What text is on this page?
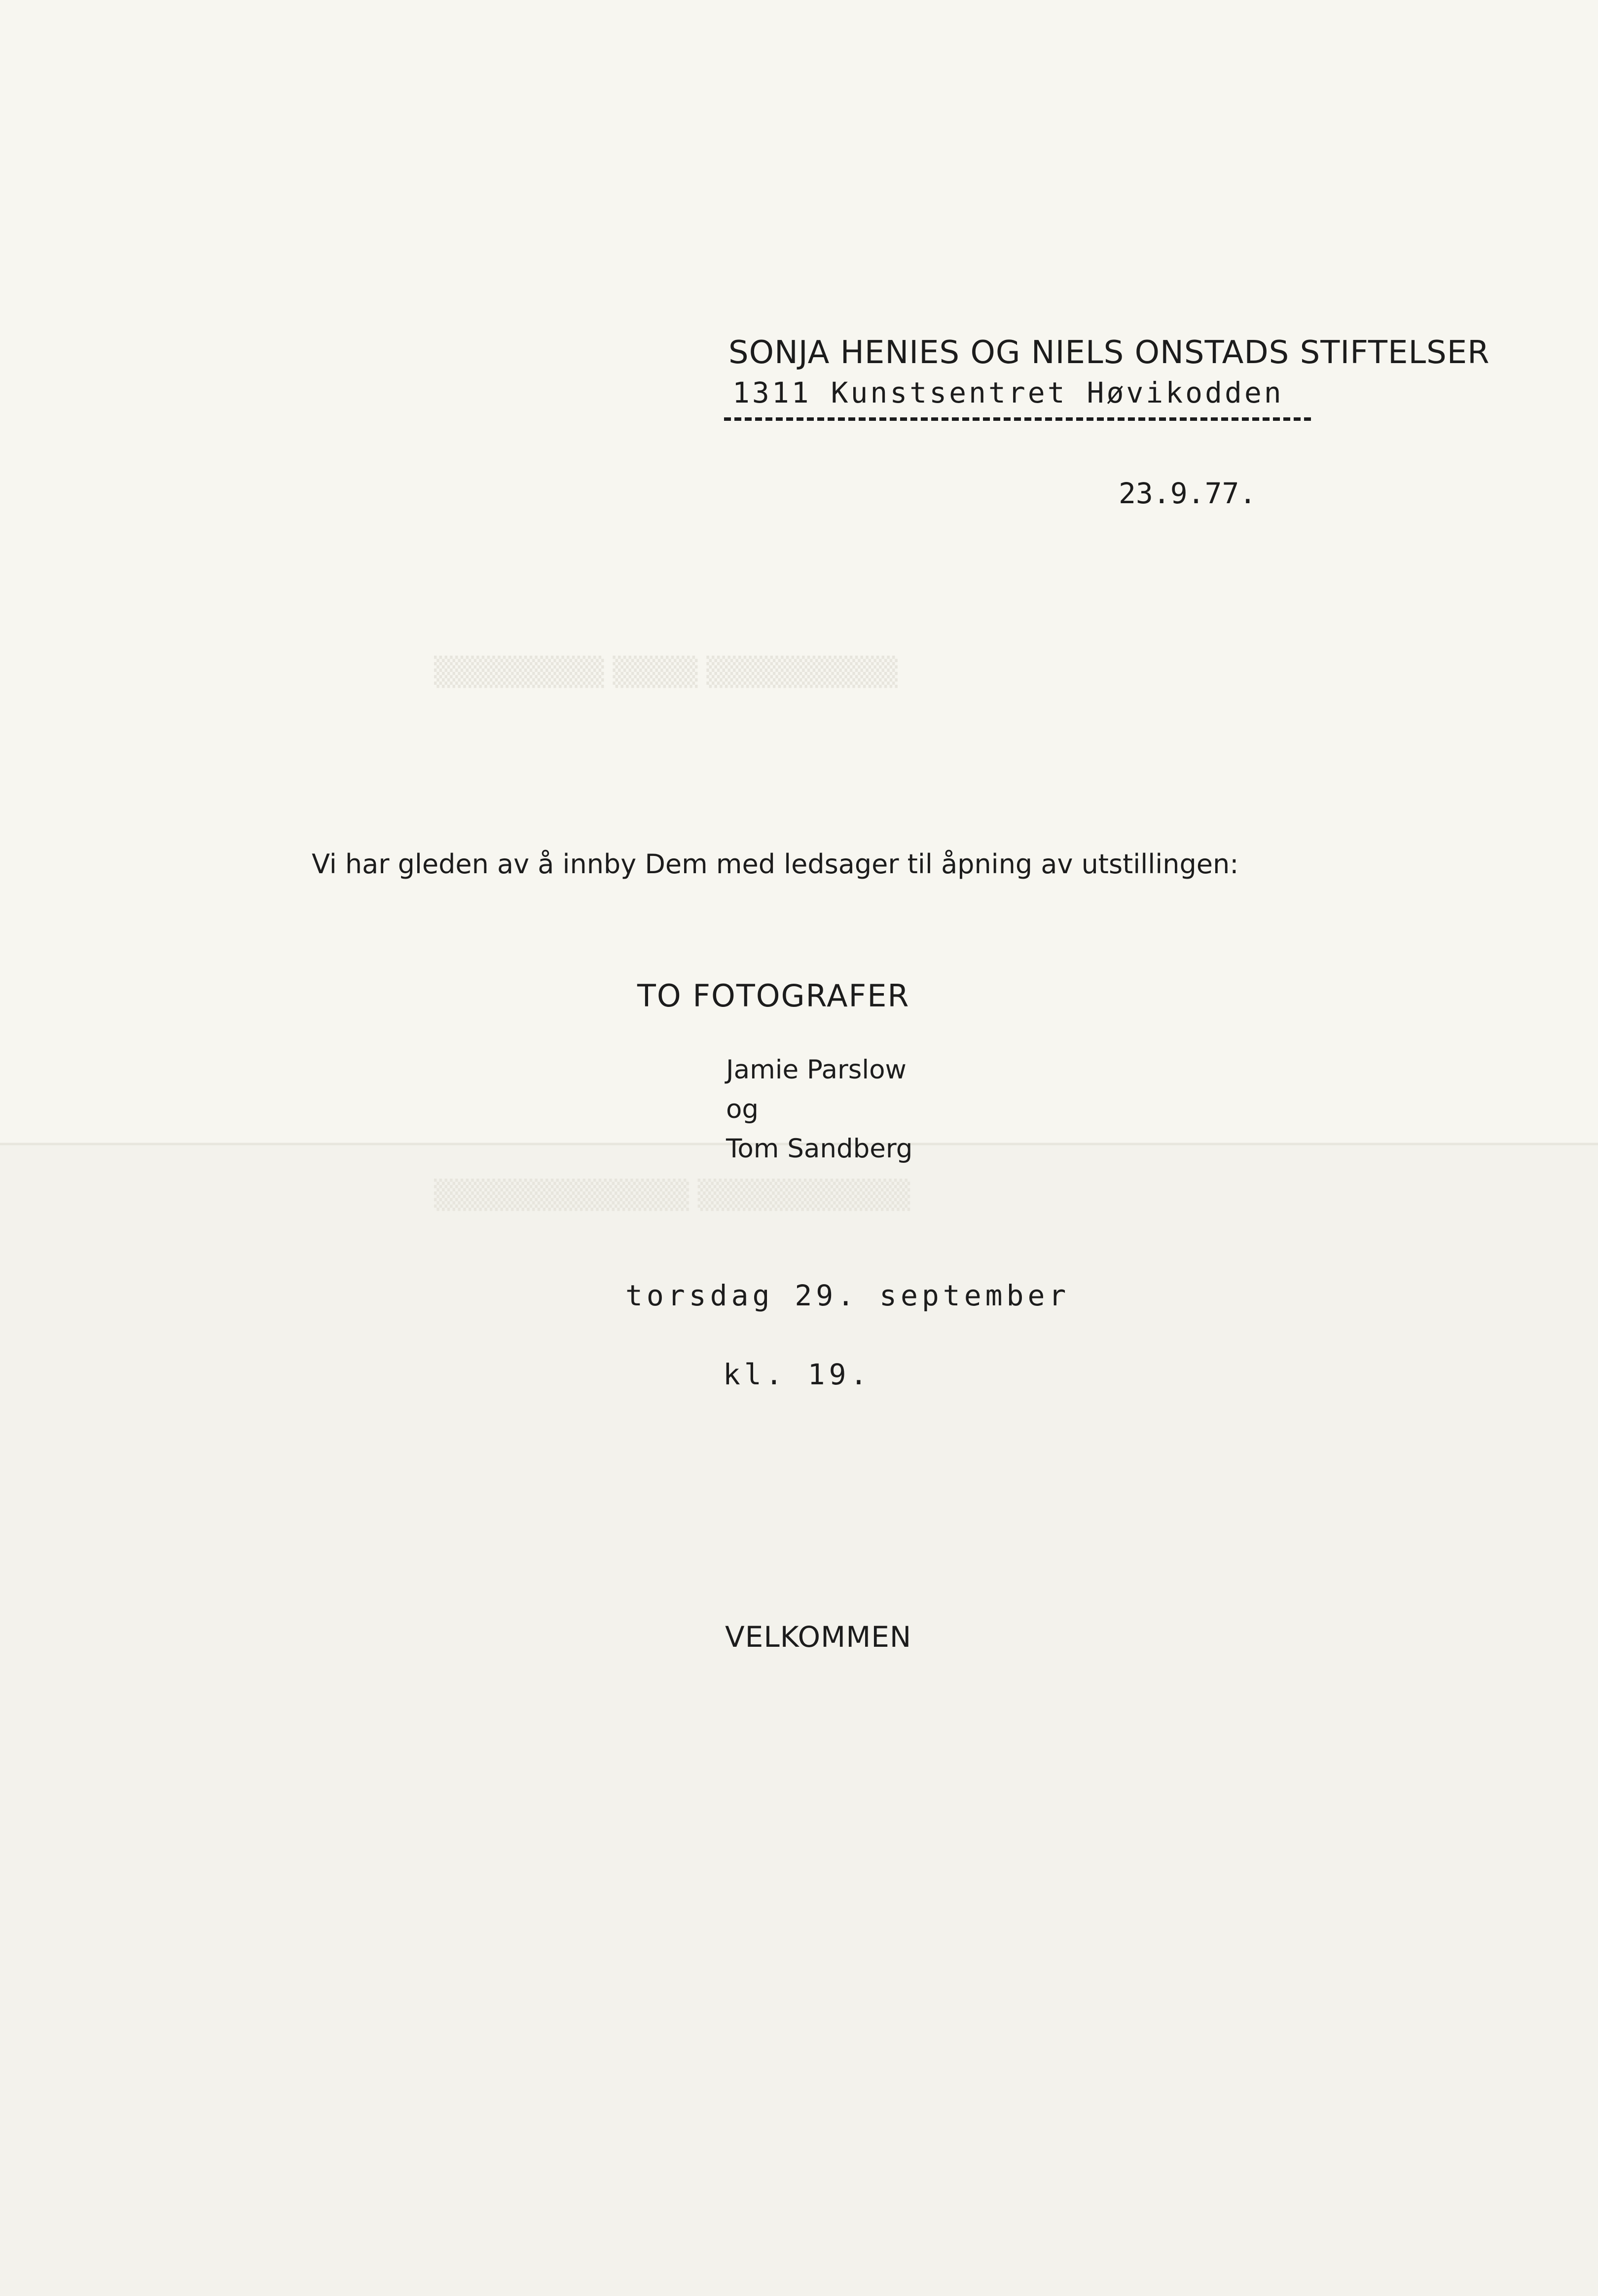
▒▒▒▒▒▒▒▒ ▒▒▒▒ ▒▒▒▒▒▒▒▒▒
▒▒▒▒▒▒▒▒▒▒▒▒ ▒▒▒▒▒▒▒▒▒▒
SONJA HENIES OG NIELS ONSTADS STIFTELSER
1311 Kunstsentret Høvikodden
23.9.77.
Vi har gleden av å innby Dem med ledsager til åpning av utstillingen:
TO FOTOGRAFER
Jamie Parslow
og
Tom Sandberg
torsdag 29. september
kl. 19.
VELKOMMEN
